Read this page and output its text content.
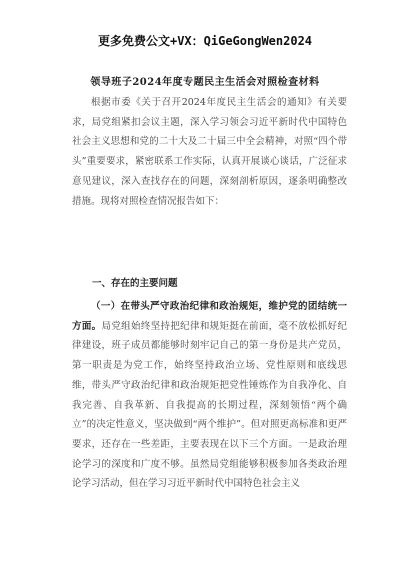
更多免费公文+VX：QiGeGongWen2024
领导班子2024年度专题民主生活会对照检查材料

根据市委《关于召开2024年度民主生活会的通知》有关要求，局党组紧扣会议主题，深入学习领会习近平新时代中国特色社会主义思想和党的二十大及二十届三中全会精神，对照“四个带头”重要要求，紧密联系工作实际，认真开展谈心谈话，广泛征求意见建议，深入查找存在的问题，深刻剖析原因，逐条明确整改措施。现将对照检查情况报告如下：

一、存在的主要问题

（一）在带头严守政治纪律和政治规矩，维护党的团结统一方面。局党组始终坚持把纪律和规矩挺在前面，毫不放松抓好纪律建设，班子成员都能够时刻牢记自己的第一身份是共产党员，第一职责是为党工作，始终坚持政治立场、党性原则和底线思维，带头严守政治纪律和政治规矩把党性锤炼作为自我净化、自我完善、自我革新、自我提高的长期过程，深刻领悟“两个确立”的决定性意义，坚决做到“两个维护”。但对照更高标准和更严要求，还存在一些差距，主要表现在以下三个方面。一是政治理论学习的深度和广度不够。虽然局党组能够积极参加各类政治理论学习活动，但在学习习近平新时代中国特色社会主义
